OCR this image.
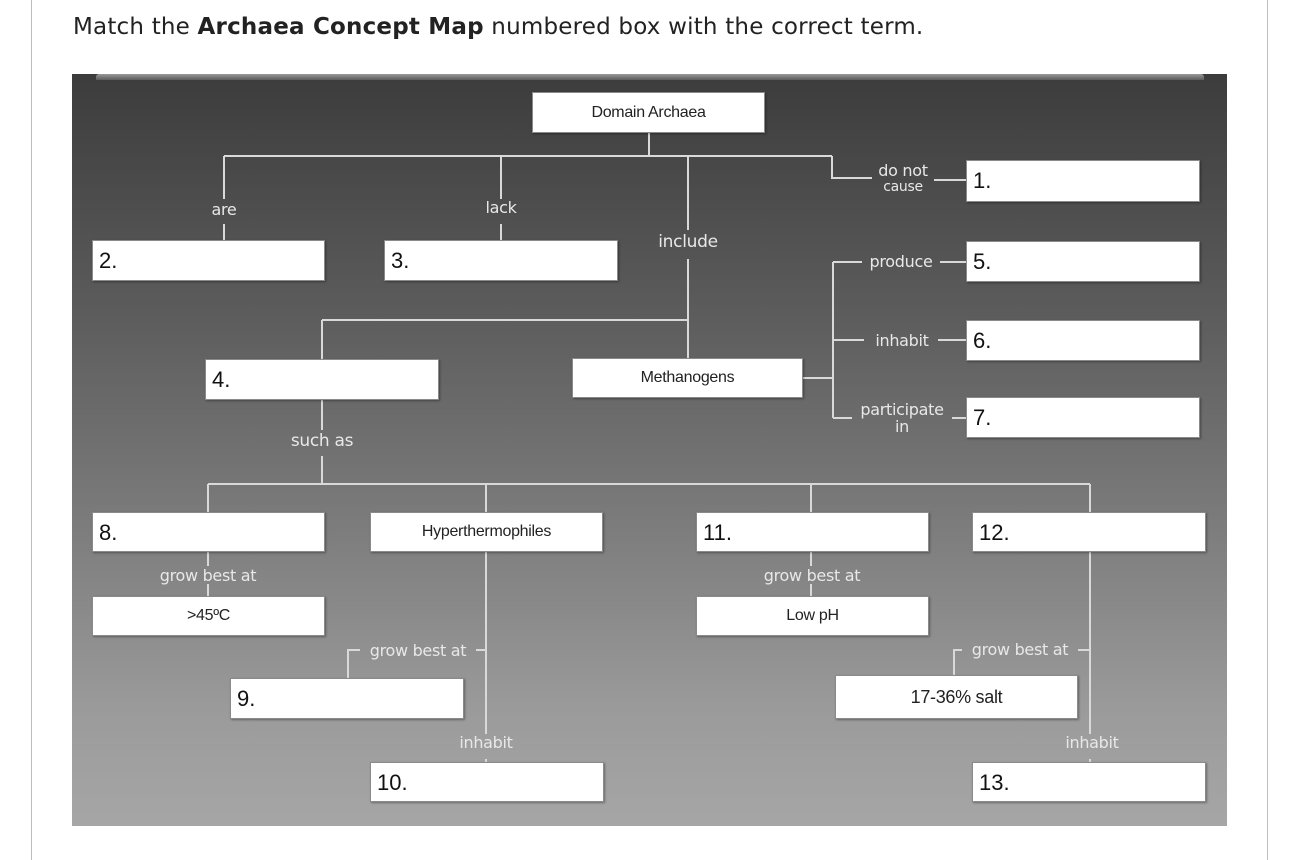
Match the Archaea Concept Map numbered box with the correct term.
Domain Archaea
Methanogens
Hyperthermophiles
>45ºC	Low pH
17-36% salt
1.
2.	3.	5.
6.
4.
7.
8.	11.	12.
9.
10.	13.
are	lack
include
do not
cause
produce
inhabit
participate
in
such as
grow best at	grow best at
grow best at	grow best at
inhabit	inhabit
